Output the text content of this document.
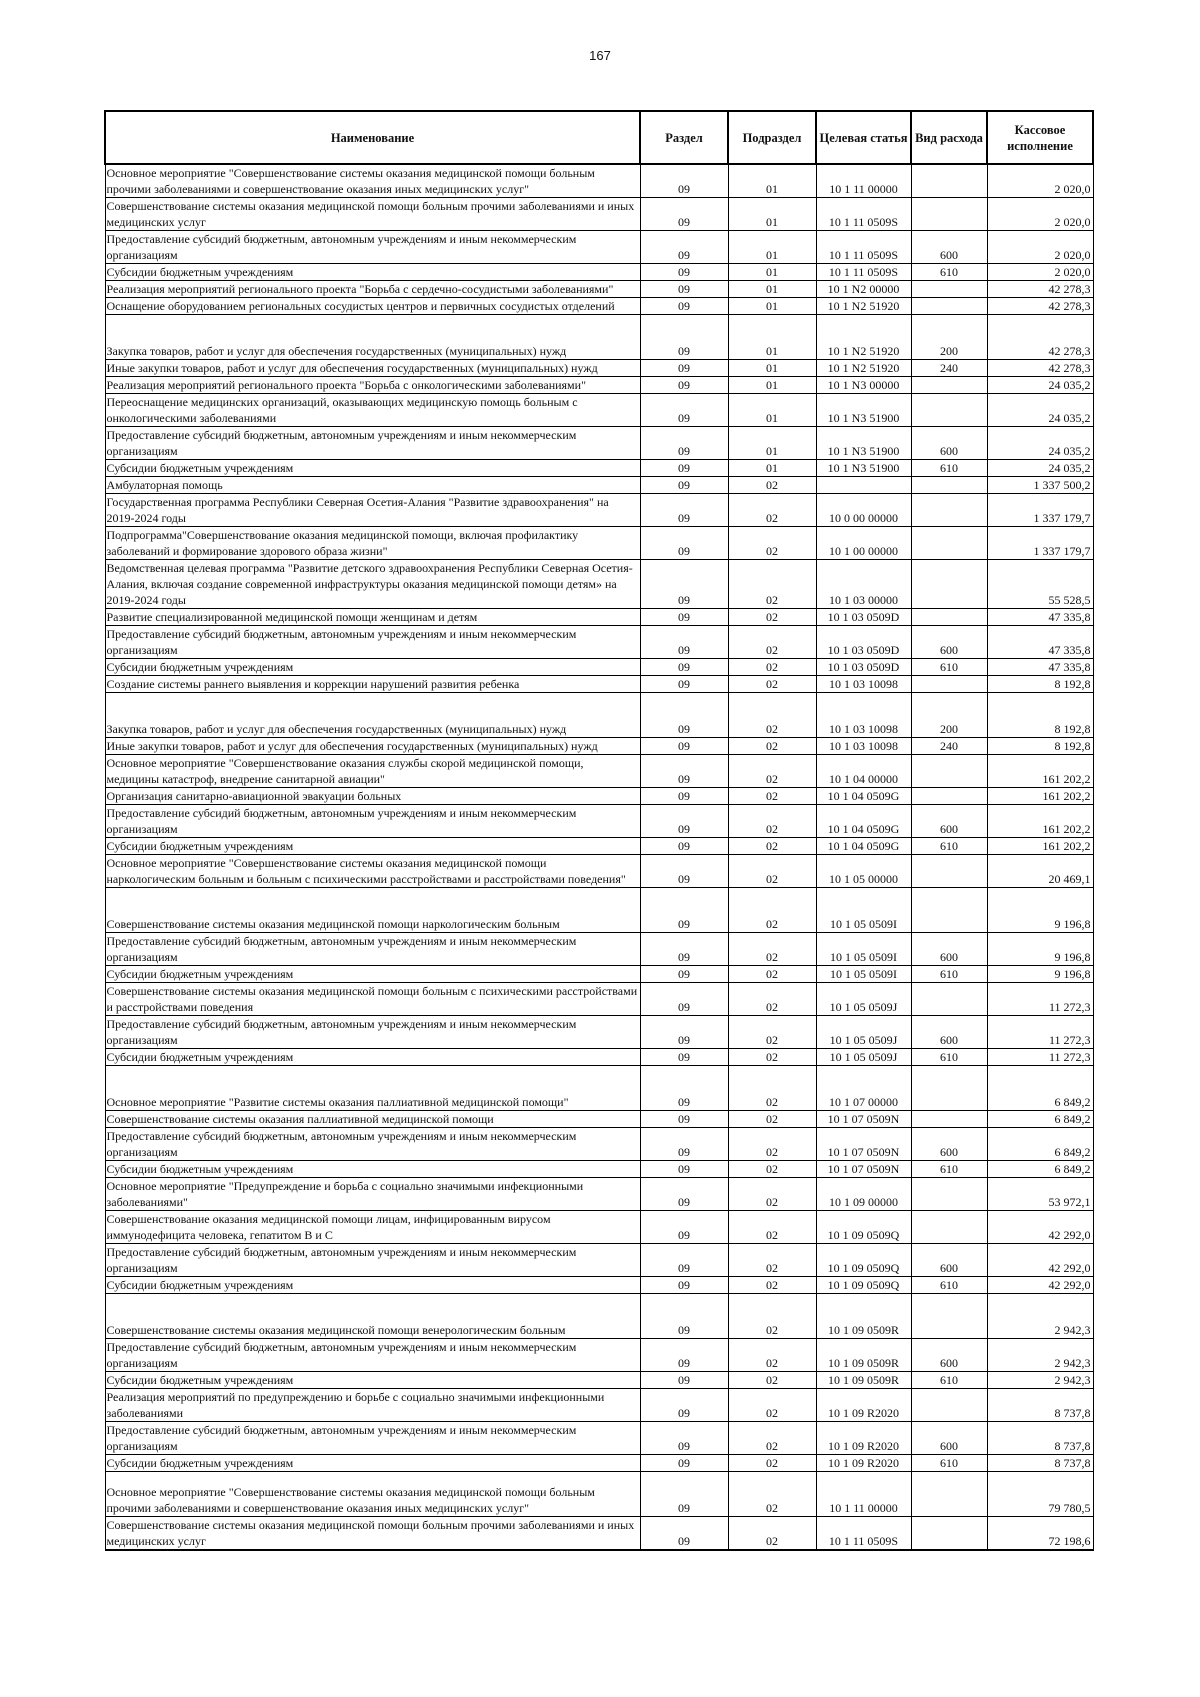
167
Наименование	Раздел	Подраздел	Целевая статья	Вид расхода	Кассовое исполнение
Основное мероприятие "Совершенствование системы оказания медицинской помощи больным прочими заболеваниями и совершенствование оказания иных медицинских услуг"	09	01	10 1 11 00000		2 020,0
Совершенствование системы оказания медицинской помощи больным прочими заболеваниями и иных медицинских услуг	09	01	10 1 11 0509S		2 020,0
Предоставление субсидий бюджетным, автономным учреждениям и иным некоммерческим организациям	09	01	10 1 11 0509S	600	2 020,0
Субсидии бюджетным учреждениям	09	01	10 1 11 0509S	610	2 020,0
Реализация мероприятий регионального проекта "Борьба с сердечно-сосудистыми заболеваниями"	09	01	10 1 N2 00000		42 278,3
Оснащение оборудованием региональных сосудистых центров и первичных сосудистых отделений	09	01	10 1 N2 51920		42 278,3
Закупка товаров, работ и услуг для обеспечения государственных (муниципальных) нужд	09	01	10 1 N2 51920	200	42 278,3
Иные закупки товаров, работ и услуг для обеспечения государственных (муниципальных) нужд	09	01	10 1 N2 51920	240	42 278,3
Реализация мероприятий регионального проекта "Борьба с онкологическими заболеваниями"	09	01	10 1 N3 00000		24 035,2
Переоснащение медицинских организаций, оказывающих медицинскую помощь больным с онкологическими заболеваниями	09	01	10 1 N3 51900		24 035,2
Предоставление субсидий бюджетным, автономным учреждениям и иным некоммерческим организациям	09	01	10 1 N3 51900	600	24 035,2
Субсидии бюджетным учреждениям	09	01	10 1 N3 51900	610	24 035,2
Амбулаторная помощь	09	02			1 337 500,2
Государственная программа Республики Северная Осетия-Алания "Развитие здравоохранения" на 2019-2024 годы	09	02	10 0 00 00000		1 337 179,7
Подпрограмма"Совершенствование оказания медицинской помощи, включая профилактику заболеваний и формирование здорового образа жизни"	09	02	10 1 00 00000		1 337 179,7
Ведомственная целевая программа "Развитие детского здравоохранения Республики Северная Осетия-Алания, включая создание современной инфраструктуры оказания медицинской помощи детям» на 2019-2024 годы	09	02	10 1 03 00000		55 528,5
Развитие специализированной медицинской помощи женщинам и детям	09	02	10 1 03 0509D		47 335,8
Предоставление субсидий бюджетным, автономным учреждениям и иным некоммерческим организациям	09	02	10 1 03 0509D	600	47 335,8
Субсидии бюджетным учреждениям	09	02	10 1 03 0509D	610	47 335,8
Создание системы раннего выявления и коррекции нарушений развития ребенка	09	02	10 1 03 10098		8 192,8
Закупка товаров, работ и услуг для обеспечения государственных (муниципальных) нужд	09	02	10 1 03 10098	200	8 192,8
Иные закупки товаров, работ и услуг для обеспечения государственных (муниципальных) нужд	09	02	10 1 03 10098	240	8 192,8
Основное мероприятие "Совершенствование оказания службы скорой медицинской помощи, медицины катастроф, внедрение санитарной авиации"	09	02	10 1 04 00000		161 202,2
Организация санитарно-авиационной эвакуации больных	09	02	10 1 04 0509G		161 202,2
Предоставление субсидий бюджетным, автономным учреждениям и иным некоммерческим организациям	09	02	10 1 04 0509G	600	161 202,2
Субсидии бюджетным учреждениям	09	02	10 1 04 0509G	610	161 202,2
Основное мероприятие "Совершенствование системы оказания медицинской помощи наркологическим больным и больным с психическими расстройствами и расстройствами поведения"	09	02	10 1 05 00000		20 469,1
Совершенствование системы оказания медицинской помощи наркологическим больным	09	02	10 1 05 0509I		9 196,8
Предоставление субсидий бюджетным, автономным учреждениям и иным некоммерческим организациям	09	02	10 1 05 0509I	600	9 196,8
Субсидии бюджетным учреждениям	09	02	10 1 05 0509I	610	9 196,8
Совершенствование системы оказания медицинской помощи больным с психическими расстройствами и расстройствами поведения	09	02	10 1 05 0509J		11 272,3
Предоставление субсидий бюджетным, автономным учреждениям и иным некоммерческим организациям	09	02	10 1 05 0509J	600	11 272,3
Субсидии бюджетным учреждениям	09	02	10 1 05 0509J	610	11 272,3
Основное мероприятие "Развитие системы оказания паллиативной медицинской помощи"	09	02	10 1 07 00000		6 849,2
Совершенствование системы оказания паллиативной медицинской помощи	09	02	10 1 07 0509N		6 849,2
Предоставление субсидий бюджетным, автономным учреждениям и иным некоммерческим организациям	09	02	10 1 07 0509N	600	6 849,2
Субсидии бюджетным учреждениям	09	02	10 1 07 0509N	610	6 849,2
Основное мероприятие "Предупреждение и борьба с социально значимыми инфекционными заболеваниями"	09	02	10 1 09 00000		53 972,1
Совершенствование оказания медицинской помощи лицам, инфицированным вирусом иммунодефицита человека, гепатитом В и С	09	02	10 1 09 0509Q		42 292,0
Предоставление субсидий бюджетным, автономным учреждениям и иным некоммерческим организациям	09	02	10 1 09 0509Q	600	42 292,0
Субсидии бюджетным учреждениям	09	02	10 1 09 0509Q	610	42 292,0
Совершенствование системы оказания медицинской помощи венерологическим больным	09	02	10 1 09 0509R		2 942,3
Предоставление субсидий бюджетным, автономным учреждениям и иным некоммерческим организациям	09	02	10 1 09 0509R	600	2 942,3
Субсидии бюджетным учреждениям	09	02	10 1 09 0509R	610	2 942,3
Реализация мероприятий по предупреждению и борьбе с социально значимыми инфекционными заболеваниями	09	02	10 1 09 R2020		8 737,8
Предоставление субсидий бюджетным, автономным учреждениям и иным некоммерческим организациям	09	02	10 1 09 R2020	600	8 737,8
Субсидии бюджетным учреждениям	09	02	10 1 09 R2020	610	8 737,8
Основное мероприятие "Совершенствование системы оказания медицинской помощи больным прочими заболеваниями и совершенствование оказания иных медицинских услуг"	09	02	10 1 11 00000		79 780,5
Совершенствование системы оказания медицинской помощи больным прочими заболеваниями и иных медицинских услуг	09	02	10 1 11 0509S		72 198,6
